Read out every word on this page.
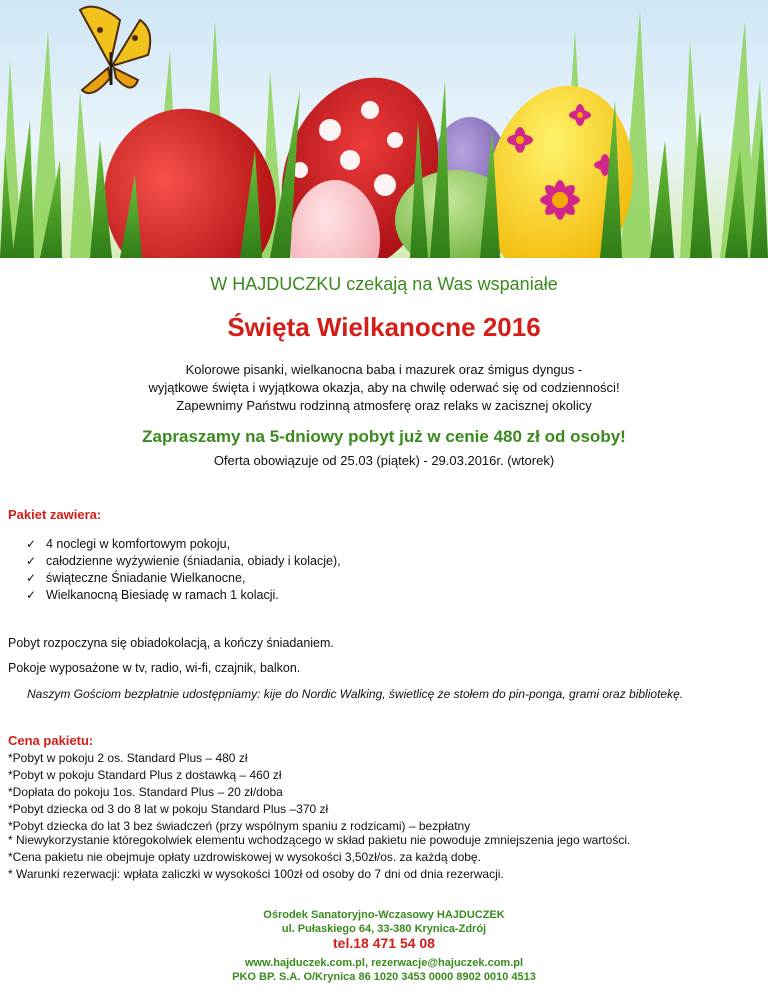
W HAJDUCZKU czekają na Was wspaniałe
Święta Wielkanocne 2016
Kolorowe pisanki, wielkanocna baba i mazurek oraz śmigus dyngus -
wyjątkowe święta i wyjątkowa okazja, aby na chwilę oderwać się od codzienności!
Zapewnimy Państwu rodzinną atmosferę oraz relaks w zacisznej okolicy
Zapraszamy na 5-dniowy pobyt już w cenie 480 zł od osoby!
Oferta obowiązuje od 25.03 (piątek) - 29.03.2016r. (wtorek)
Pakiet zawiera:
✓ 4 noclegi w komfortowym pokoju,
✓ całodzienne wyżywienie (śniadania, obiady i kolacje),
✓ świąteczne Śniadanie Wielkanocne,
✓ Wielkanocną Biesiadę w ramach 1 kolacji.
Pobyt rozpoczyna się obiadokolacją, a kończy śniadaniem.
Pokoje wyposażone w tv, radio, wi-fi, czajnik, balkon.
Naszym Gościom bezpłatnie udostępniamy: kije do Nordic Walking, świetlicę ze stołem do pin-ponga, grami oraz bibliotekę.
Cena pakietu:
*Pobyt w pokoju 2 os. Standard Plus – 480 zł
*Pobyt w pokoju Standard Plus z dostawką – 460 zł
*Dopłata do pokoju 1os. Standard Plus – 20 zł/doba
*Pobyt dziecka od 3 do 8 lat w pokoju Standard Plus –370 zł
*Pobyt dziecka do lat 3 bez świadczeń (przy wspólnym spaniu z rodzicami) – bezpłatny
* Niewykorzystanie któregokolwiek elementu wchodzącego w skład pakietu nie powoduje zmniejszenia jego wartości.
*Cena pakietu nie obejmuje opłaty uzdrowiskowej w wysokości 3,50zł/os. za każdą dobę.
* Warunki rezerwacji: wpłata zaliczki w wysokości 100zł od osoby do 7 dni od dnia rezerwacji.
Ośrodek Sanatoryjno-Wczasowy HAJDUCZEK
ul. Pułaskiego 64, 33-380 Krynica-Zdrój
tel.18 471 54 08
www.hajduczek.com.pl, rezerwacje@hajuczek.com.pl
PKO BP. S.A. O/Krynica 86 1020 3453 0000 8902 0010 4513
